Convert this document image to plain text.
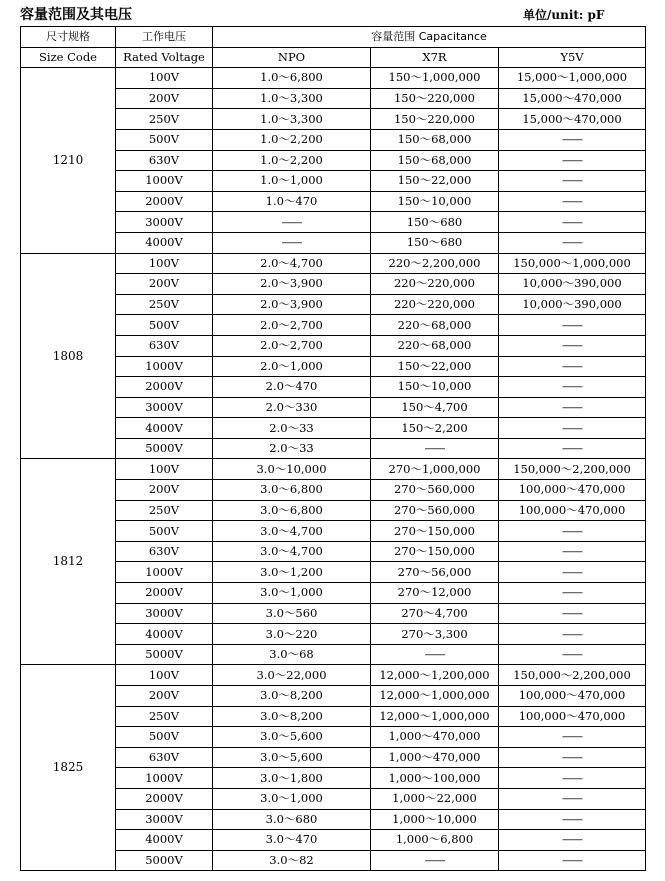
容量范围及其电压	单位/unit: pF
尺寸规格	工作电压	容量范围 Capacitance		
Size Code	Rated Voltage	NPO	X7R	Y5V
1210	100V	1.0～6,800	150～1,000,000	15,000～1,000,000
	200V	1.0～3,300	150～220,000	15,000～470,000
	250V	1.0～3,300	150～220,000	15,000～470,000
	500V	1.0～2,200	150～68,000	——
	630V	1.0～2,200	150～68,000	——
	1000V	1.0～1,000	150～22,000	——
	2000V	1.0～470	150～10,000	——
	3000V	——	150～680	——
	4000V	——	150～680	——
1808	100V	2.0～4,700	220～2,200,000	150,000～1,000,000
	200V	2.0～3,900	220～220,000	10,000～390,000
	250V	2.0～3,900	220～220,000	10,000～390,000
	500V	2.0～2,700	220～68,000	——
	630V	2.0～2,700	220～68,000	——
	1000V	2.0～1,000	150～22,000	——
	2000V	2.0～470	150～10,000	——
	3000V	2.0～330	150～4,700	——
	4000V	2.0～33	150～2,200	——
	5000V	2.0～33	——	——
1812	100V	3.0～10,000	270～1,000,000	150,000～2,200,000
	200V	3.0～6,800	270～560,000	100,000～470,000
	250V	3.0～6,800	270～560,000	100,000～470,000
	500V	3.0～4,700	270～150,000	——
	630V	3.0～4,700	270～150,000	——
	1000V	3.0～1,200	270～56,000	——
	2000V	3.0～1,000	270～12,000	——
	3000V	3.0～560	270～4,700	——
	4000V	3.0～220	270～3,300	——
	5000V	3.0～68	——	——
1825	100V	3.0～22,000	12,000～1,200,000	150,000～2,200,000
	200V	3.0～8,200	12,000～1,000,000	100,000～470,000
	250V	3.0～8,200	12,000～1,000,000	100,000～470,000
	500V	3.0～5,600	1,000～470,000	——
	630V	3.0～5,600	1,000～470,000	——
	1000V	3.0～1,800	1,000～100,000	——
	2000V	3.0～1,000	1,000～22,000	——
	3000V	3.0～680	1,000～10,000	——
	4000V	3.0～470	1,000～6,800	——
	5000V	3.0～82	——	——
